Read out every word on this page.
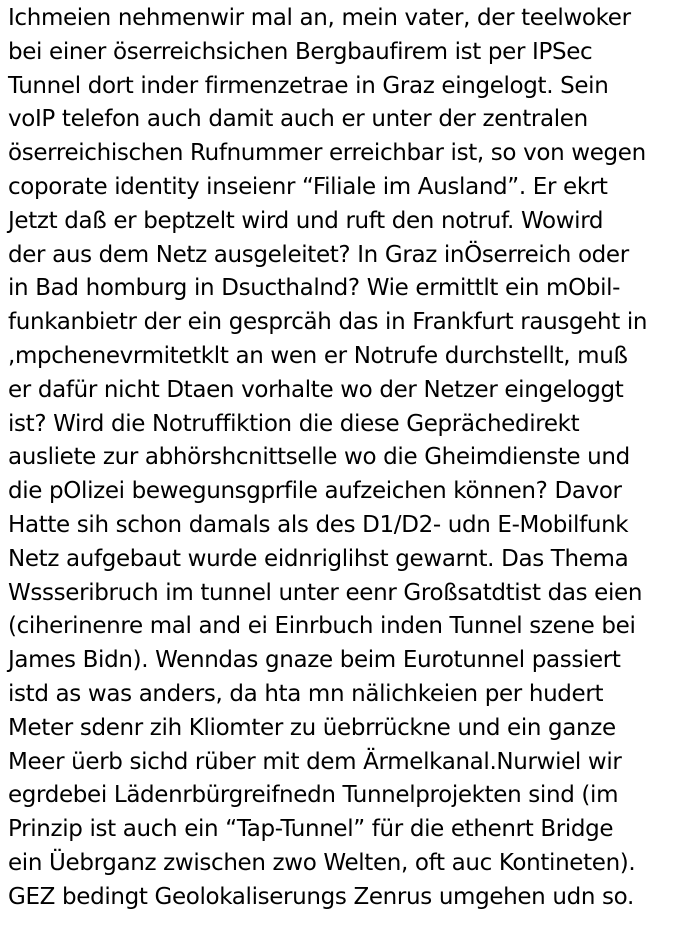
Ichmeien nehmenwir mal an, mein vater, der teelwoker
bei einer öserreichsichen Bergbaufirem ist per IPSec
Tunnel dort inder firmenzetrae in Graz eingelogt. Sein
voIP telefon auch damit auch er unter der zentralen
öserreichischen Rufnummer erreichbar ist, so von wegen
coporate identity inseienr “Filiale im Ausland”. Er ekrt
Jetzt daß er beptzelt wird und ruft den notruf. Wowird
der aus dem Netz ausgeleitet? In Graz inÖserreich oder
in Bad homburg in Dsucthalnd? Wie ermittlt ein mObil-
funkanbietr der ein gesprcäh das in Frankfurt rausgeht in
,mpchenevrmitetklt an wen er Notrufe durchstellt, muß
er dafür nicht Dtaen vorhalte wo der Netzer eingeloggt
ist? Wird die Notruffiktion die diese Geprächedirekt
ausliete zur abhörshcnittselle wo die Gheimdienste und
die pOlizei bewegunsgprfile aufzeichen können? Davor
Hatte sih schon damals als des D1/D2- udn E-Mobilfunk
Netz aufgebaut wurde eidnriglihst gewarnt. Das Thema
Wssseribruch im tunnel unter eenr Großsatdtist das eien
(ciherinenre mal and ei Einrbuch inden Tunnel szene bei
James Bidn). Wenndas gnaze beim Eurotunnel passiert
istd as was anders, da hta mn nälichkeien per hudert
Meter sdenr zih Kliomter zu üebrrückne und ein ganze
Meer üerb sichd rüber mit dem Ärmelkanal.Nurwiel wir
egrdebei Lädenrbürgreifnedn Tunnelprojekten sind (im
Prinzip ist auch ein “Tap-Tunnel” für die ethenrt Bridge
ein Üebrganz zwischen zwo Welten, oft auc Kontineten).
GEZ bedingt Geolokaliserungs Zenrus umgehen udn so.
